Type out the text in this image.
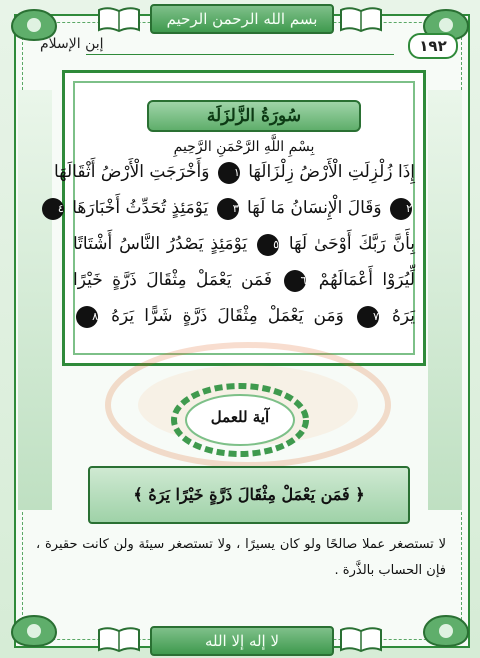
بسم الله الرحمن الرحيم
لا إله إلا الله
١٩٢
إبن الإسلام
سُورَةُ الزَّلزَلَة
بِسْمِ اللَّهِ الرَّحْمَنِ الرَّحِيمِ
إِذَا زُلْزِلَتِ الْأَرْضُ زِلْزَالَهَا ١ وَأَخْرَجَتِ الْأَرْضُ أَثْقَالَهَا
٢ وَقَالَ الْإِنسَانُ مَا لَهَا ٣ يَوْمَئِذٍ تُحَدِّثُ أَخْبَارَهَا ٤
بِأَنَّ رَبَّكَ أَوْحَىٰ لَهَا ٥ يَوْمَئِذٍ يَصْدُرُ النَّاسُ أَشْتَاتًا
لِّيُرَوْا أَعْمَالَهُمْ ٦ فَمَن يَعْمَلْ مِثْقَالَ ذَرَّةٍ خَيْرًا
يَرَهُ ٧ وَمَن يَعْمَلْ مِثْقَالَ ذَرَّةٍ شَرًّا يَرَهُ ٨
آية للعمل
﴿ فَمَن يَعْمَلْ مِثْقَالَ ذَرَّةٍ خَيْرًا يَرَهُ ﴾
لا تستصغر عملا صالحًا ولو كان يسيرًا ، ولا تستصغر سيئة ولن كانت حقيرة ، فإن الحساب بالذَّرة .
